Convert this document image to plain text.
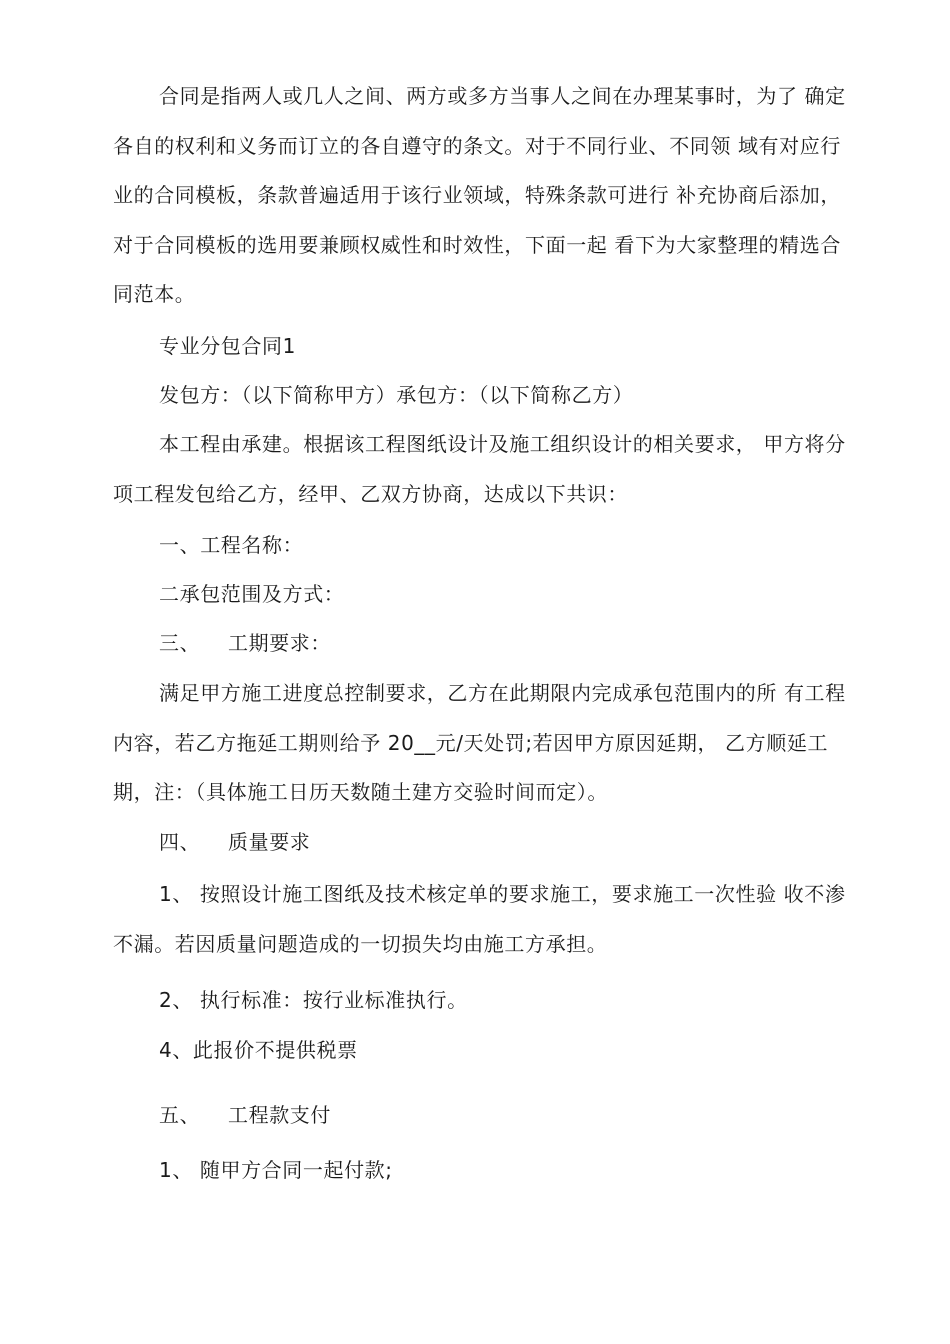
合同是指两人或几人之间、两方或多方当事人之间在办理某事时，为了 确定各自的权利和义务而订立的各自遵守的条文。对于不同行业、不同领 域有对应行业的合同模板，条款普遍适用于该行业领域，特殊条款可进行 补充协商后添加，对于合同模板的选用要兼顾权威性和时效性，下面一起 看下为大家整理的精选合同范本。

专业分包合同1

发包方：（以下简称甲方）承包方：（以下简称乙方）

本工程由承建。根据该工程图纸设计及施工组织设计的相关要求， 甲方将分项工程发包给乙方，经甲、乙双方协商，达成以下共识：

一、工程名称：

二承包范围及方式：

三、 工期要求：

满足甲方施工进度总控制要求，乙方在此期限内完成承包范围内的所 有工程内容，若乙方拖延工期则给予 20__元/天处罚;若因甲方原因延期， 乙方顺延工期，注：（具体施工日历天数随土建方交验时间而定）。

四、 质量要求

1、 按照设计施工图纸及技术核定单的要求施工，要求施工一次性验 收不渗不漏。若因质量问题造成的一切损失均由施工方承担。

2、 执行标准：按行业标准执行。

4、此报价不提供税票

五、 工程款支付

1、 随甲方合同一起付款;
